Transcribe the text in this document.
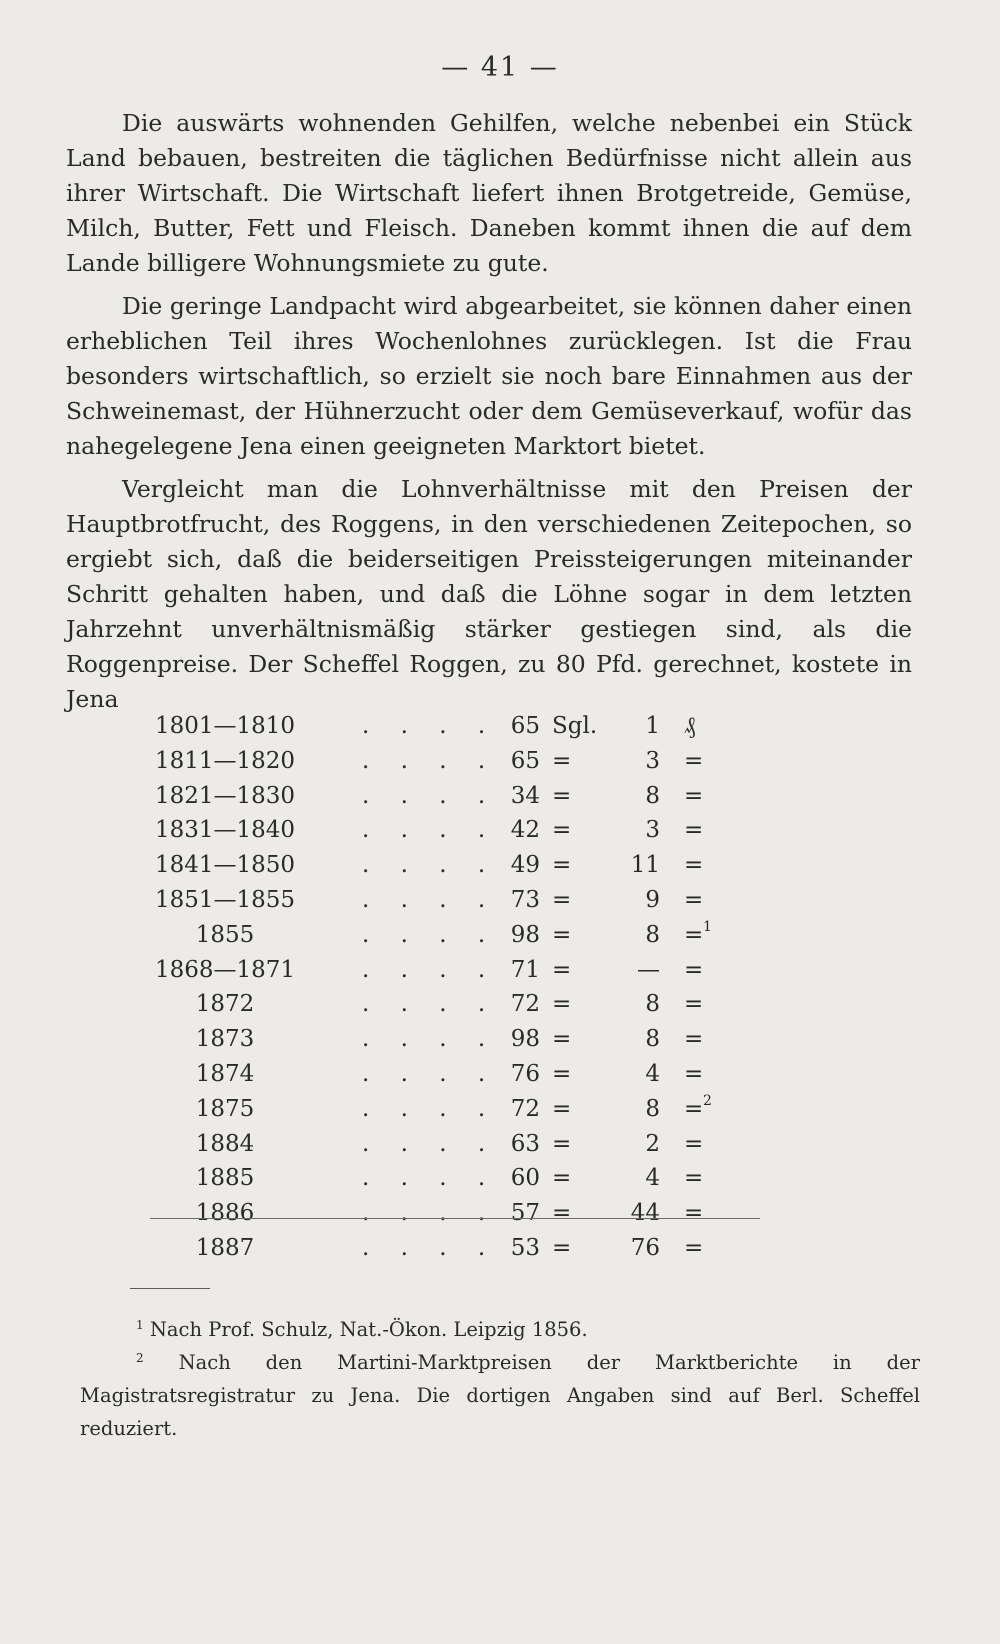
— 41 —

Die auswärts wohnenden Gehilfen, welche nebenbei ein Stück Land bebauen, bestreiten die täglichen Bedürfnisse nicht allein aus ihrer Wirtschaft. Die Wirtschaft liefert ihnen Brotgetreide, Gemüse, Milch, Butter, Fett und Fleisch. Daneben kommt ihnen die auf dem Lande billigere Wohnungsmiete zu gute.

Die geringe Landpacht wird abgearbeitet, sie können daher einen erheblichen Teil ihres Wochenlohnes zurücklegen. Ist die Frau besonders wirtschaftlich, so erzielt sie noch bare Einnahmen aus der Schweinemast, der Hühnerzucht oder dem Gemüseverkauf, wofür das nahegelegene Jena einen geeigneten Marktort bietet.

Vergleicht man die Lohnverhältnisse mit den Preisen der Hauptbrotfrucht, des Roggens, in den verschiedenen Zeitepochen, so ergiebt sich, daß die beiderseitigen Preissteigerungen miteinander Schritt gehalten haben, und daß die Löhne sogar in dem letzten Jahrzehnt unverhältnismäßig stärker gestiegen sind, als die Roggenpreise. Der Scheffel Roggen, zu 80 Pfd. gerechnet, kostete in Jena

1801—1810	. . . . 65 Sgl.	1 ₰
1811—1820	. . . . 65 =	3 =
1821—1830	. . . . 34 =	8 =
1831—1840	. . . . 42 =	3 =
1841—1850	. . . . 49 =	11 =
1851—1855	. . . . 73 =	9 =
1855	. . . . 98 =	8 = 1
1868—1871	. . . . 71 =	— =
1872	. . . . 72 =	8 =
1873	. . . . 98 =	8 =
1874	. . . . 76 =	4 =
1875	. . . . 72 =	8 = 2
1884	. . . . 63 =	2 =
1885	. . . . 60 =	4 =
1886	. . . . 57 =	44 =
1887	. . . . 53 =	76 =

$^1$ Nach Prof. Schulz, Nat.-Ökon. Leipzig 1856.

$^2$ Nach den Martini-Marktpreisen der Marktberichte in der Magistratsregistratur zu Jena. Die dortigen Angaben sind auf Berl. Scheffel reduziert.
